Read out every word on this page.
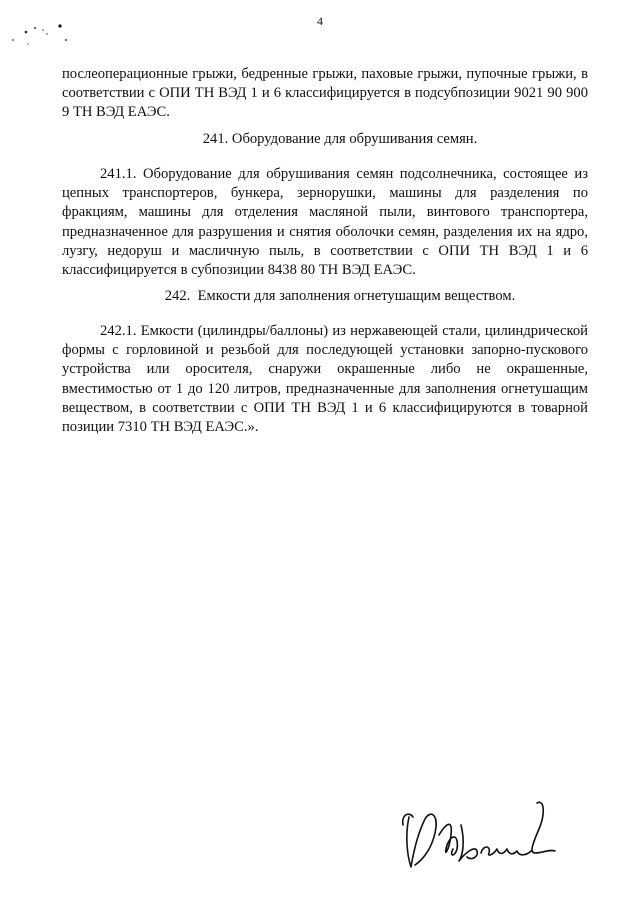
4

послеоперационные грыжи, бедренные грыжи, паховые грыжи, пупочные грыжи, в соответствии с ОПИ ТН ВЭД 1 и 6 классифицируется в подсубпозиции 9021 90 900 9 ТН ВЭД ЕАЭС.

241. Оборудование для обрушивания семян.

241.1. Оборудование для обрушивания семян подсолнечника, состоящее из цепных транспортеров, бункера, зернорушки, машины для разделения по фракциям, машины для отделения масляной пыли, винтового транспортера, предназначенное для разрушения и снятия оболочки семян, разделения их на ядро, лузгу, недоруш и масличную пыль, в соответствии с ОПИ ТН ВЭД 1 и 6 классифицируется в субпозиции 8438 80 ТН ВЭД ЕАЭС.

242.  Емкости для заполнения огнетушащим веществом.

242.1. Емкости (цилиндры/баллоны) из нержавеющей стали, цилиндрической формы с горловиной и резьбой для последующей установки запорно-пускового устройства или оросителя, снаружи окрашенные либо не окрашенные, вместимостью от 1 до 120 литров, предназначенные для заполнения огнетушащим веществом, в соответствии с ОПИ ТН ВЭД 1 и 6 классифицируются в товарной позиции 7310 ТН ВЭД ЕАЭС.».
